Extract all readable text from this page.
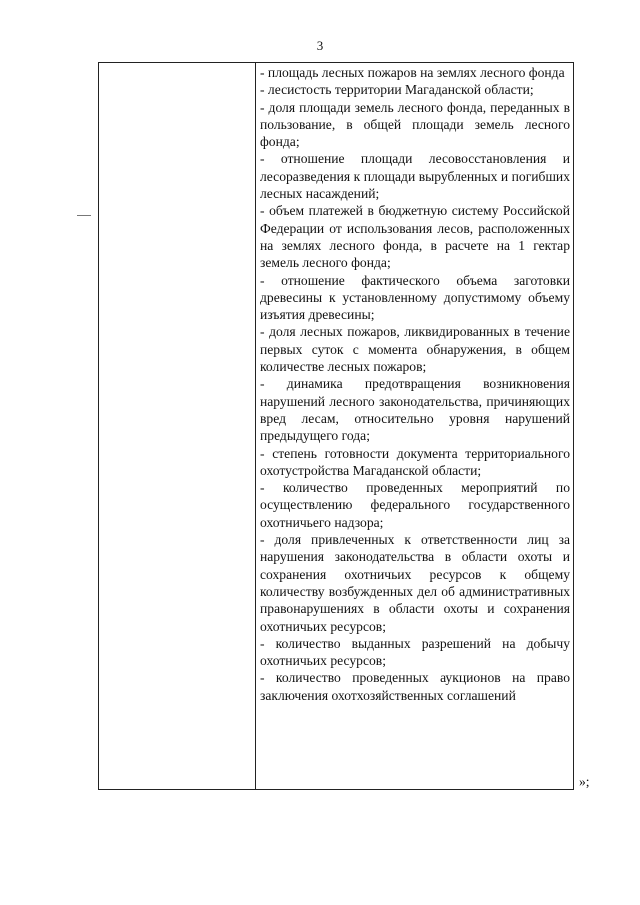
3

- площадь лесных пожаров на землях лесного фонда

- лесистость территории Магаданской области;

- доля площади земель лесного фонда, переданных в пользование, в общей площади земель лесного фонда;

- отношение площади лесовосстановления и лесоразведения к площади вырубленных и погибших лесных насаждений;

- объем платежей в бюджетную систему Российской Федерации от использования лесов, расположенных на землях лесного фонда, в расчете на 1 гектар земель лесного фонда;

- отношение фактического объема заготовки древесины к установленному допустимому объему изъятия древесины;

- доля лесных пожаров, ликвидированных в течение первых суток с момента обнаружения, в общем количестве лесных пожаров;

- динамика предотвращения возникновения нарушений лесного законодательства, причиняющих вред лесам, относительно уровня нарушений предыдущего года;

- степень готовности документа территориального охотустройства Магаданской области;

- количество проведенных мероприятий по осуществлению федерального государственного охотничьего надзора;

- доля привлеченных к ответственности лиц за нарушения законодательства в области охоты и сохранения охотничьих ресурсов к общему количеству возбужденных дел об административных правонарушениях в области охоты и сохранения охотничьих ресурсов;

- количество выданных разрешений на добычу охотничьих ресурсов;

- количество проведенных аукционов на право заключения охотхозяйственных соглашений

»;
